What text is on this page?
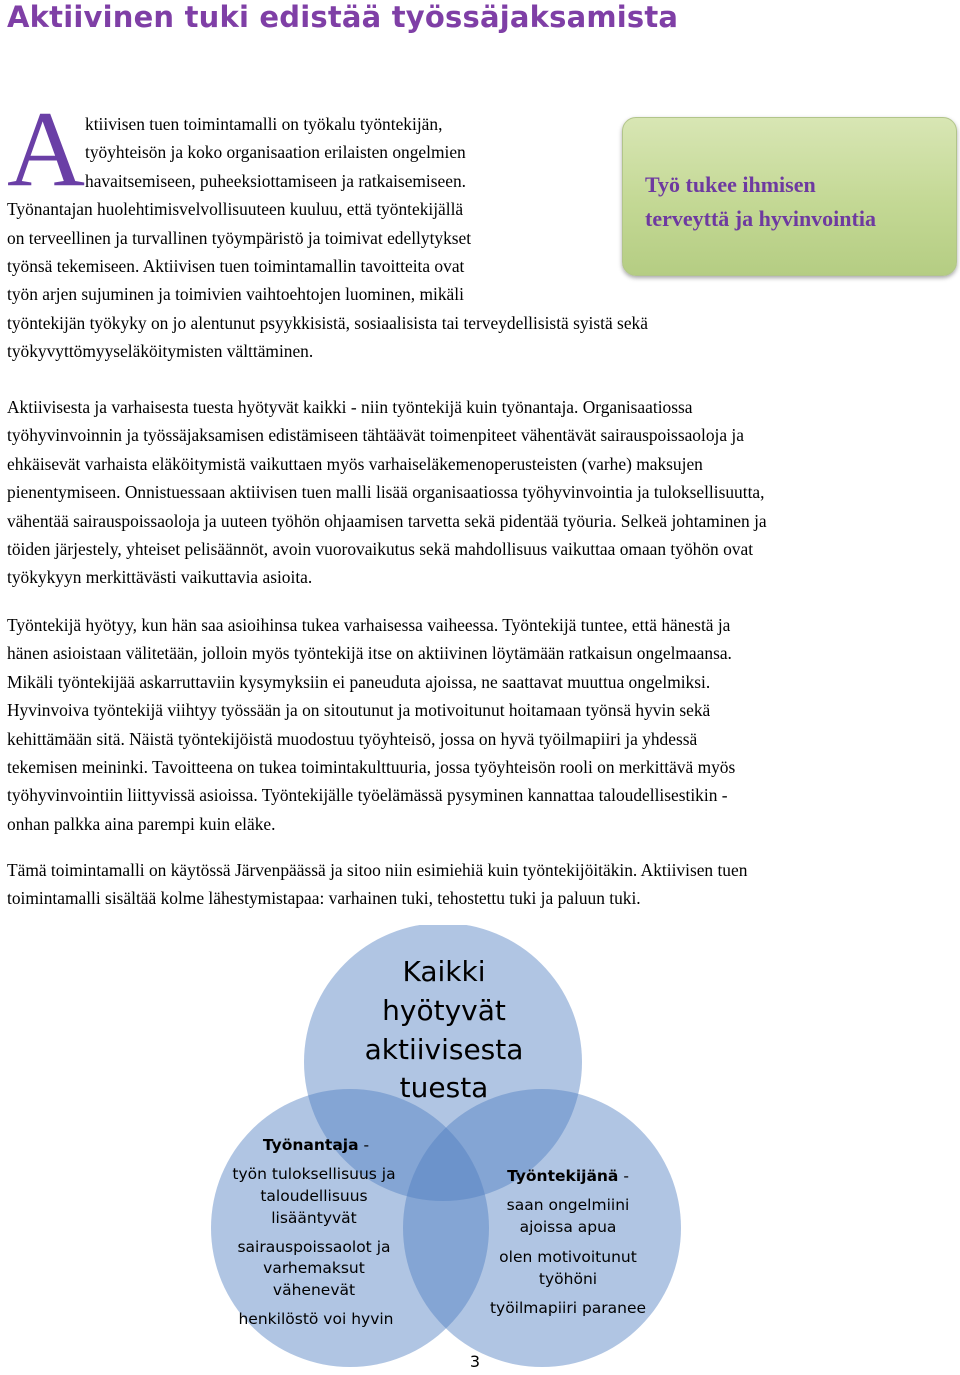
Aktiivinen tuki edistää työssäjaksamista
A ktiivisen tuen toimintamalli on työkalu työntekijän,
työyhteisön ja koko organisaation erilaisten ongelmien
havaitsemiseen, puheeksiottamiseen ja ratkaisemiseen.
Työnantajan huolehtimisvelvollisuuteen kuuluu, että työntekijällä
on terveellinen ja turvallinen työympäristö ja toimivat edellytykset
työnsä tekemiseen. Aktiivisen tuen toimintamallin tavoitteita ovat
työn arjen sujuminen ja toimivien vaihtoehtojen luominen, mikäli
työntekijän työkyky on jo alentunut psyykkisistä, sosiaalisista tai terveydellisistä syistä sekä
työkyvyttömyyseläköitymisten välttäminen.
Työ tukee ihmisen
terveyttä ja hyvinvointia
Aktiivisesta ja varhaisesta tuesta hyötyvät kaikki - niin työntekijä kuin työnantaja. Organisaatiossa
työhyvinvoinnin ja työssäjaksamisen edistämiseen tähtäävät toimenpiteet vähentävät sairauspoissaoloja ja
ehkäisevät varhaista eläköitymistä vaikuttaen myös varhaiseläkemenoperusteisten (varhe) maksujen
pienentymiseen. Onnistuessaan aktiivisen tuen malli lisää organisaatiossa työhyvinvointia ja tuloksellisuutta,
vähentää sairauspoissaoloja ja uuteen työhön ohjaamisen tarvetta sekä pidentää työuria. Selkeä johtaminen ja
töiden järjestely, yhteiset pelisäännöt, avoin vuorovaikutus sekä mahdollisuus vaikuttaa omaan työhön ovat
työkykyyn merkittävästi vaikuttavia asioita.
Työntekijä hyötyy, kun hän saa asioihinsa tukea varhaisessa vaiheessa. Työntekijä tuntee, että hänestä ja
hänen asioistaan välitetään, jolloin myös työntekijä itse on aktiivinen löytämään ratkaisun ongelmaansa.
Mikäli työntekijää askarruttaviin kysymyksiin ei paneuduta ajoissa, ne saattavat muuttua ongelmiksi.
Hyvinvoiva työntekijä viihtyy työssään ja on sitoutunut ja motivoitunut hoitamaan työnsä hyvin sekä
kehittämään sitä. Näistä työntekijöistä muodostuu työyhteisö, jossa on hyvä työilmapiiri ja yhdessä
tekemisen meininki. Tavoitteena on tukea toimintakulttuuria, jossa työyhteisön rooli on merkittävä myös
työhyvinvointiin liittyvissä asioissa. Työntekijälle työelämässä pysyminen kannattaa taloudellisestikin -
onhan palkka aina parempi kuin eläke.
Tämä toimintamalli on käytössä Järvenpäässä ja sitoo niin esimiehiä kuin työntekijöitäkin. Aktiivisen tuen
toimintamalli sisältää kolme lähestymistapaa: varhainen tuki, tehostettu tuki ja paluun tuki.
Kaikki
hyötyvät
aktiivisesta
tuesta
Työnantaja -
työn tuloksellisuus ja
taloudellisuus
lisääntyvät
sairauspoissaolot ja
varhemaksut
vähenevät
henkilöstö voi hyvin
Työntekijänä -
saan ongelmiini
ajoissa apua
olen motivoitunut
työhöni
työilmapiiri paranee
3
